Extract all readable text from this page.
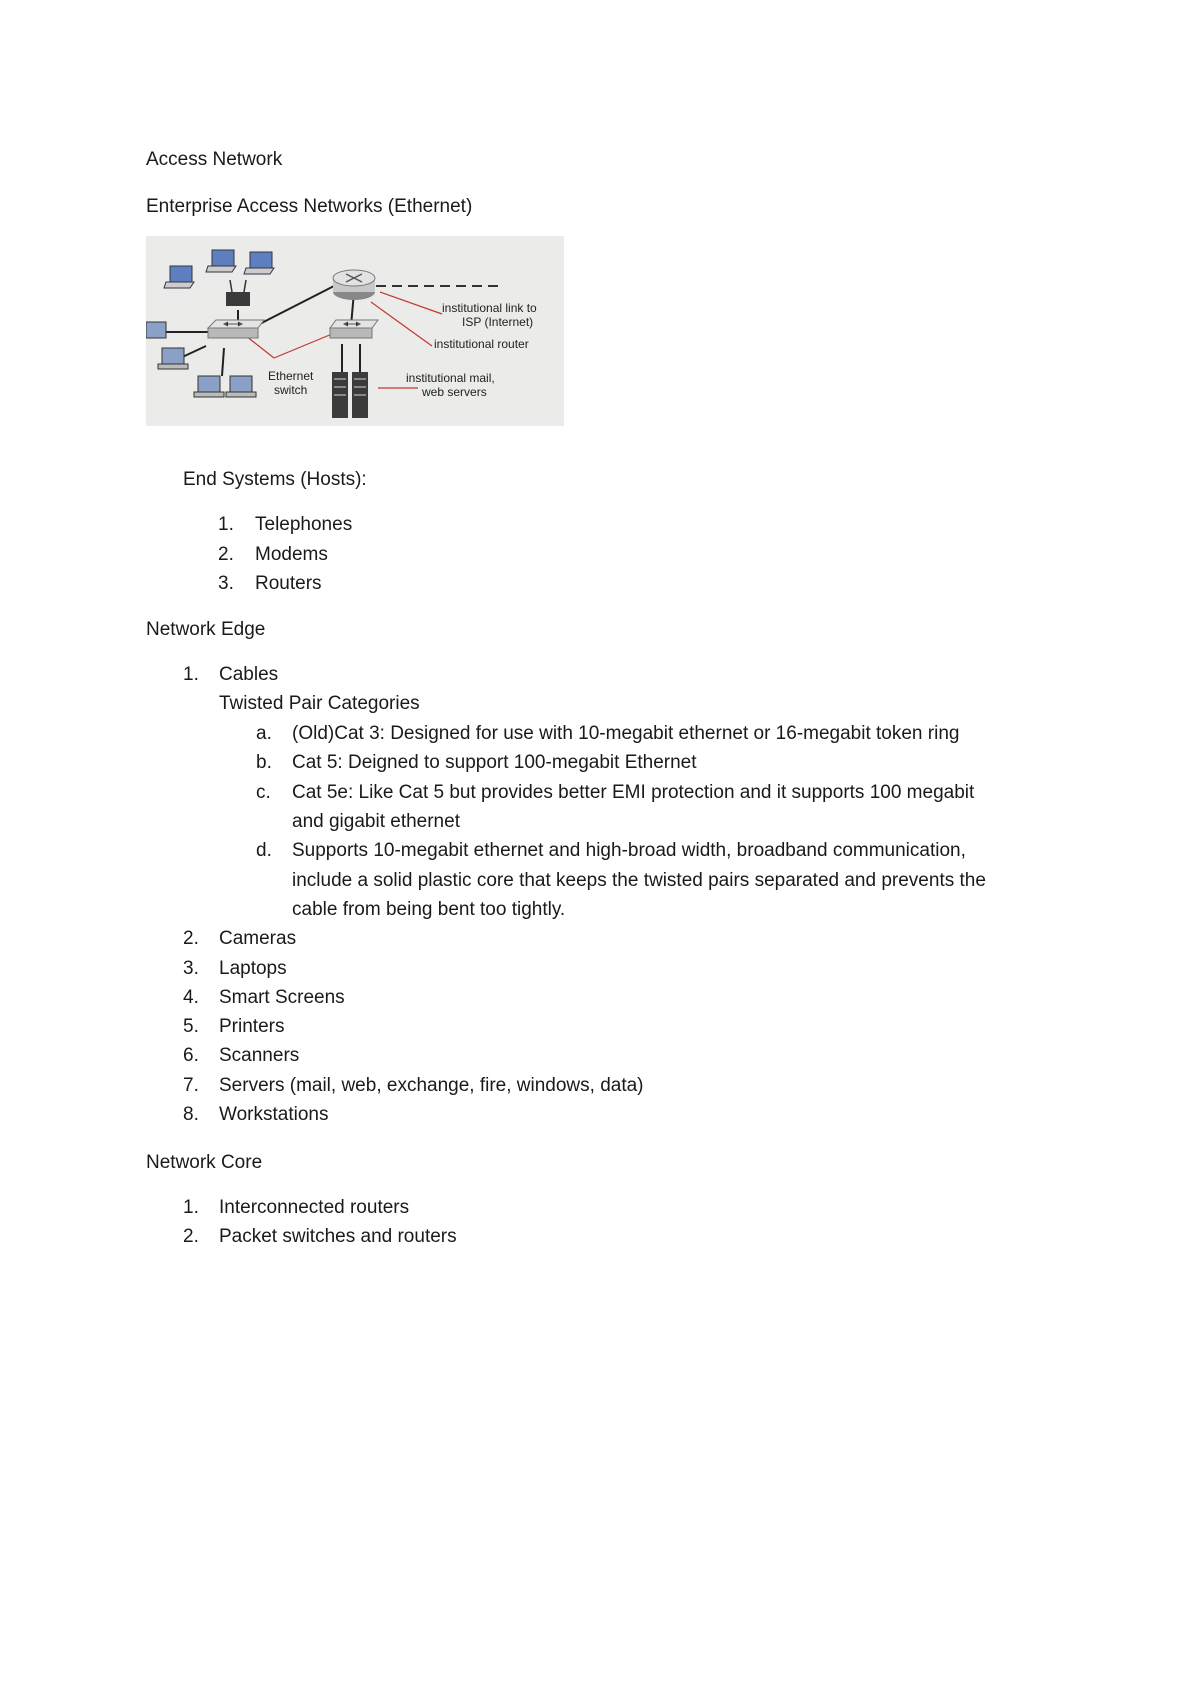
Access Network
Enterprise Access Networks (Ethernet)
institutional link to
ISP (Internet)
institutional router
Ethernet
switch
institutional mail,
web servers
End Systems (Hosts):
1. Telephones
2. Modems
3. Routers
Network Edge
1. Cables
Twisted Pair Categories
a. (Old)Cat 3: Designed for use with 10-megabit ethernet or 16-megabit token ring
b. Cat 5: Deigned to support 100-megabit Ethernet
c. Cat 5e: Like Cat 5 but provides better EMI protection and it supports 100 megabit
and gigabit ethernet
d. Supports 10-megabit ethernet and high-broad width, broadband communication,
include a solid plastic core that keeps the twisted pairs separated and prevents the
cable from being bent too tightly.
2. Cameras
3. Laptops
4. Smart Screens
5. Printers
6. Scanners
7. Servers (mail, web, exchange, fire, windows, data)
8. Workstations
Network Core
1. Interconnected routers
2. Packet switches and routers
